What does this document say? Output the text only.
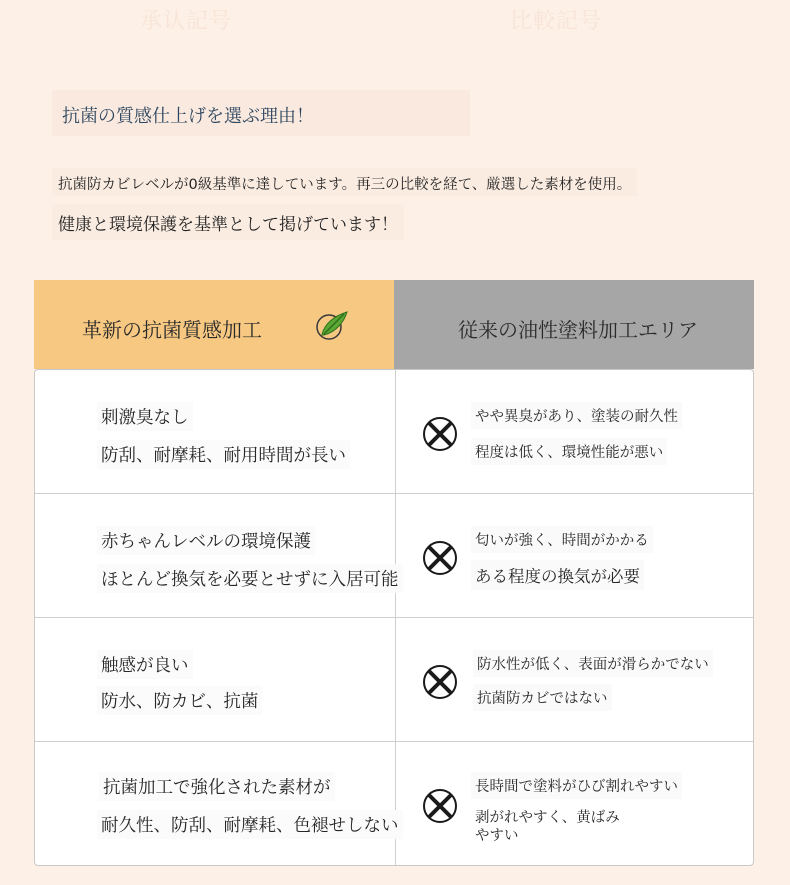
承认記号	比較記号
抗菌の質感仕上げを選ぶ理由！
抗菌防カビレベルが0級基準に達しています。再三の比較を経て、厳選した素材を使用。
健康と環境保護を基準として掲げています！
革新の抗菌質感加工	従来の油性塗料加工エリア
刺激臭なし
防刮、耐摩耗、耐用時間が長い
やや異臭があり、塗装の耐久性
程度は低く、環境性能が悪い
赤ちゃんレベルの環境保護
ほとんど換気を必要とせずに入居可能
匂いが強く、時間がかかる
ある程度の換気が必要
触感が良い
防水、防カビ、抗菌
防水性が低く、表面が滑らかでない
抗菌防カビではない
抗菌加工で強化された素材が
耐久性、防刮、耐摩耗、色褪せしない
長時間で塗料がひび割れやすい
剥がれやすく、黄ばみ
やすい
